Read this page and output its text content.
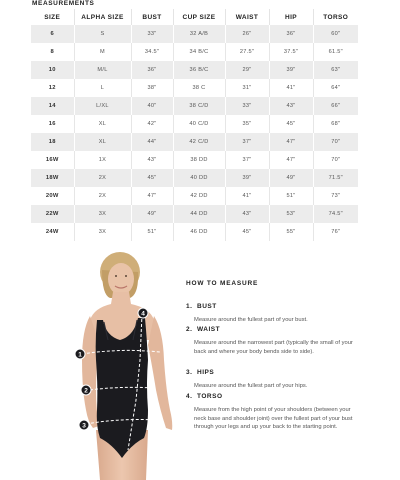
MEASUREMENTS
SIZE	ALPHA SIZE	BUST	CUP SIZE	WAIST	HIP	TORSO
6	S	33"	32 A/B	26"	36"	60"
8	M	34.5"	34 B/C	27.5"	37.5"	61.5"
10	M/L	36"	36 B/C	29"	39"	63"
12	L	38"	38 C	31"	41"	64"
14	L/XL	40"	38 C/D	33"	43"	66"
16	XL	42"	40 C/D	35"	45"	68"
18	XL	44"	42 C/D	37"	47"	70"
16W	1X	43"	38 DD	37"	47"	70"
18W	2X	45"	40 DD	39"	49"	71.5"
20W	2X	47"	42 DD	41"	51"	73"
22W	3X	49"	44 DD	43"	53"	74.5"
24W	3X	51"	46 DD	45"	55"	76"
1
2
3
4
HOW TO MEASURE
1. BUST
Measure around the fullest part of your bust.
2. WAIST
Measure around the narrowest part (typically the small of your back and where your body bends side to side).
3. HIPS
Measure around the fullest part of your hips.
4. TORSO
Measure from the high point of your shoulders (between your neck base and shoulder joint) over the fullest part of your bust through your legs and up your back to the starting point.
